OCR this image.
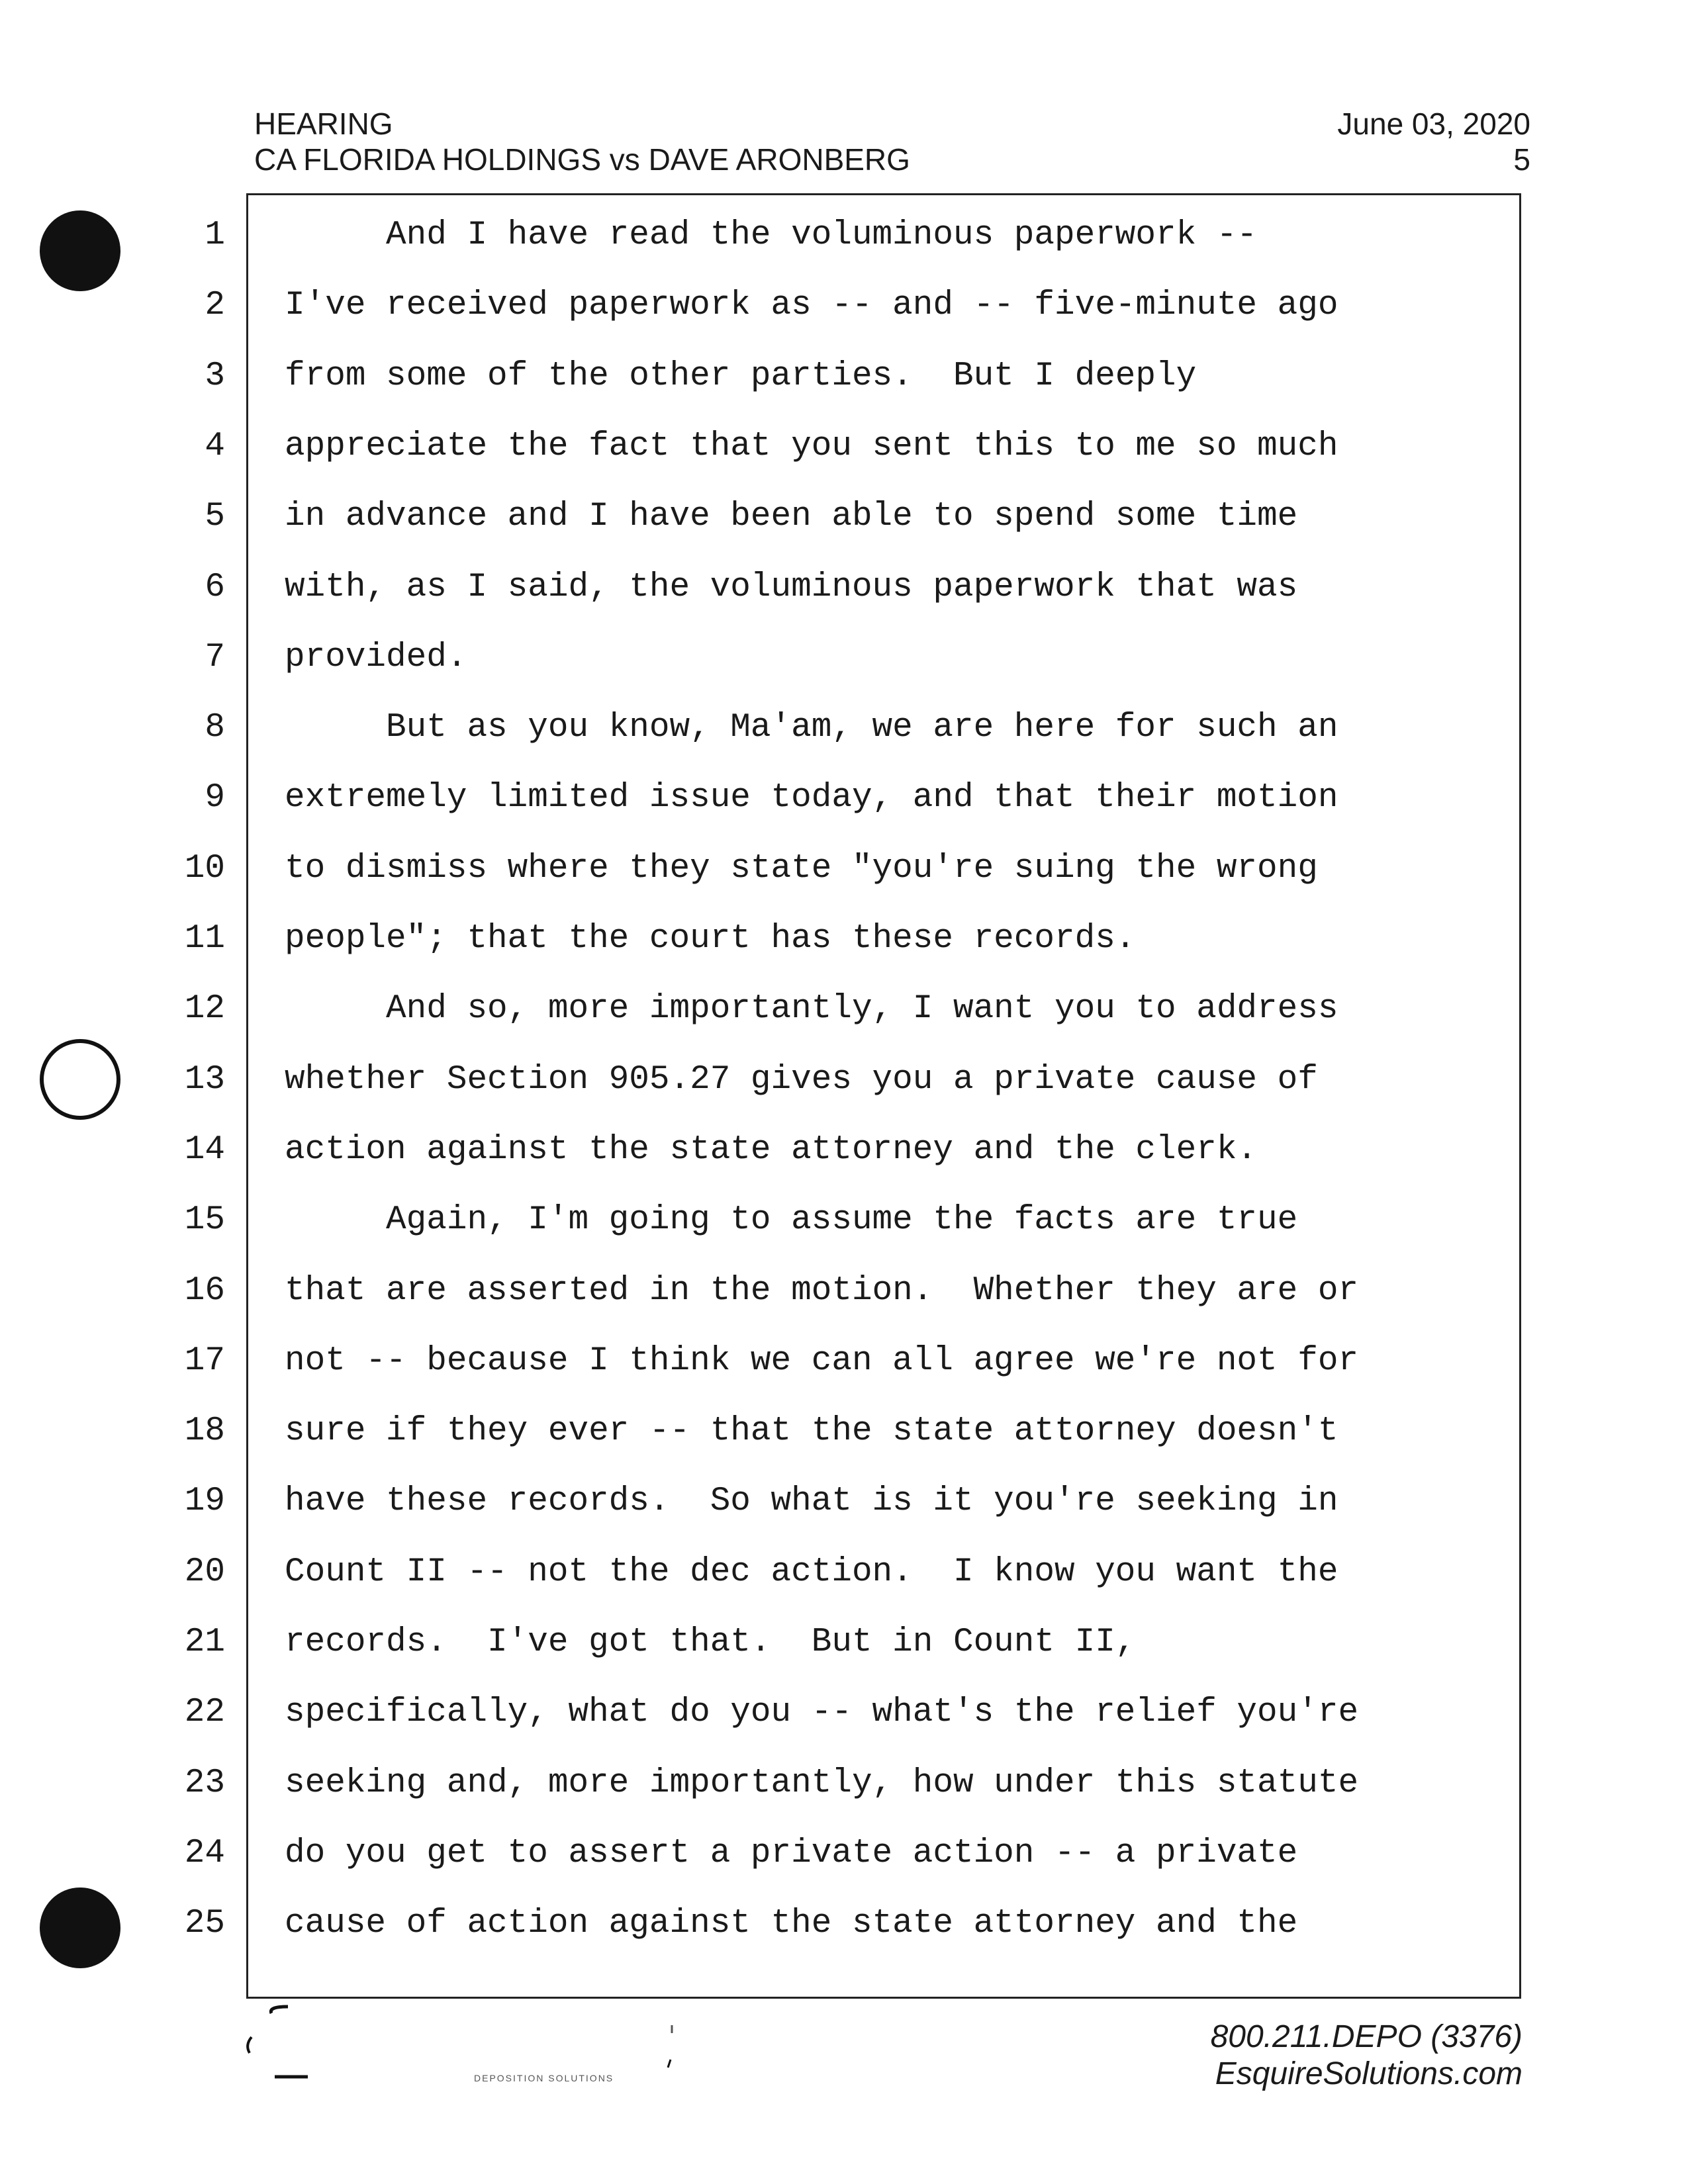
HEARING
CA FLORIDA HOLDINGS vs DAVE ARONBERG
June 03, 2020
5
1 And I have read the voluminous paperwork --
2 I've received paperwork as -- and -- five-minute ago
3 from some of the other parties.  But I deeply
4 appreciate the fact that you sent this to me so much
5 in advance and I have been able to spend some time
6 with, as I said, the voluminous paperwork that was
7 provided.
8 But as you know, Ma'am, we are here for such an
9 extremely limited issue today, and that their motion
10 to dismiss where they state "you're suing the wrong
11 people"; that the court has these records.
12 And so, more importantly, I want you to address
13 whether Section 905.27 gives you a private cause of
14 action against the state attorney and the clerk.
15 Again, I'm going to assume the facts are true
16 that are asserted in the motion.  Whether they are or
17 not -- because I think we can all agree we're not for
18 sure if they ever -- that the state attorney doesn't
19 have these records.  So what is it you're seeking in
20 Count II -- not the dec action.  I know you want the
21 records.  I've got that.  But in Count II,
22 specifically, what do you -- what's the relief you're
23 seeking and, more importantly, how under this statute
24 do you get to assert a private action -- a private
25 cause of action against the state attorney and the
800.211.DEPO (3376)
EsquireSolutions.com
DEPOSITION SOLUTIONS
